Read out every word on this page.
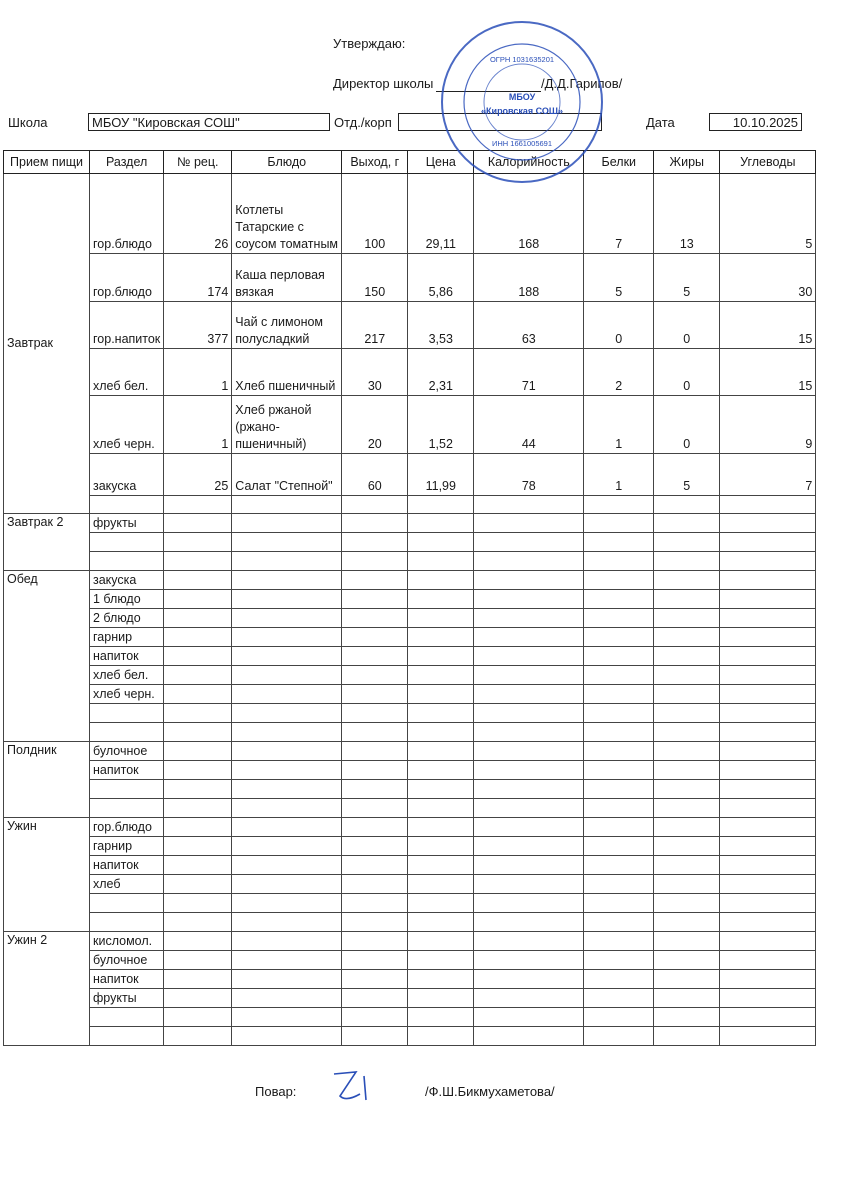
Утверждаю:
Директор школы	/Д.Д.Гарипов/
Школа	МБОУ "Кировская СОШ"	Отд./корп	Дата	10.10.2025
Прием пищи	Раздел	№ рец.	Блюдо	Выход, г	Цена	Калорийность	Белки	Жиры	Углеводы
Завтрак	гор.блюдо	26	Котлеты Татарские с соусом томатным	100	29,11	168	7	13	5
	гор.блюдо	174	Каша перловая вязкая	150	5,86	188	5	5	30
	гор.напиток	377	Чай с лимоном полусладкий	217	3,53	63	0	0	15
	хлеб бел.	1	Хлеб пшеничный	30	2,31	71	2	0	15
	хлеб черн.	1	Хлеб ржаной (ржано-пшеничный)	20	1,52	44	1	0	9
	закуска	25	Салат "Степной"	60	11,99	78	1	5	7

Завтрак 2	фрукты								

Обед	закуска								
	1 блюдо								
	2 блюдо								
	гарнир								
	напиток								
	хлеб бел.								
	хлеб черн.								

Полдник	булочное								
	напиток								

Ужин	гор.блюдо								
	гарнир								
	напиток								
	хлеб								

Ужин 2	кисломол.								
	булочное								
	напиток								
	фрукты								

МБОУ
«Кировская СОШ»
ОГРН 1031635201
ИНН 1661005691
Повар:	/Ф.Ш.Бикмухаметова/
